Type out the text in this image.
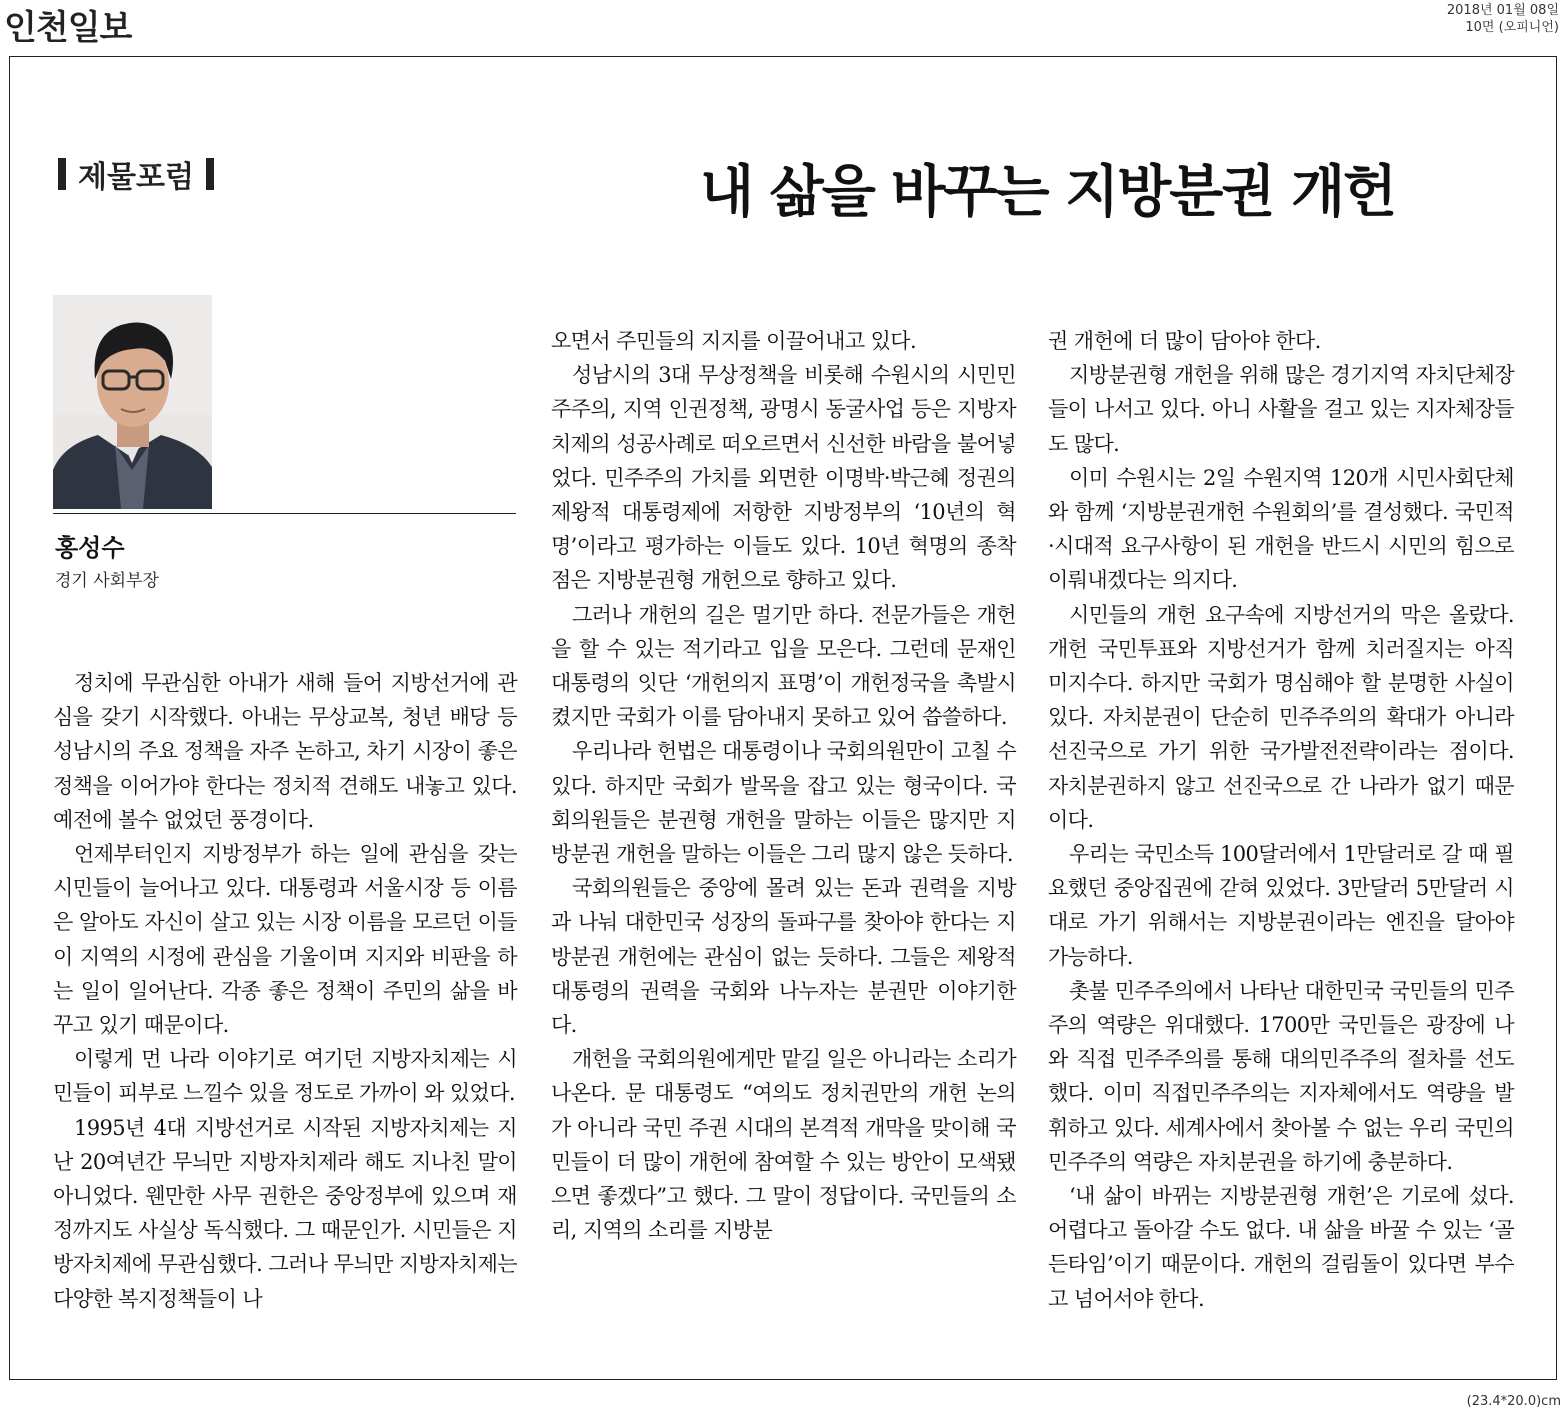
인천일보	2018년 01월 08일
10면 (오피니언)
제물포럼	내 삶을 바꾸는 지방분권 개헌
홍성수
경기 사회부장

정치에 무관심한 아내가 새해 들어 지방선거에 관심을 갖기 시작했다. 아내는 무상교복, 청년 배당 등 성남시의 주요 정책을 자주 논하고, 차기 시장이 좋은 정책을 이어가야 한다는 정치적 견해도 내놓고 있다. 예전에 볼수 없었던 풍경이다.

언제부터인지 지방정부가 하는 일에 관심을 갖는 시민들이 늘어나고 있다. 대통령과 서울시장 등 이름은 알아도 자신이 살고 있는 시장 이름을 모르던 이들이 지역의 시정에 관심을 기울이며 지지와 비판을 하는 일이 일어난다. 각종 좋은 정책이 주민의 삶을 바꾸고 있기 때문이다.

이렇게 먼 나라 이야기로 여기던 지방자치제는 시민들이 피부로 느낄수 있을 정도로 가까이 와 있었다.

1995년 4대 지방선거로 시작된 지방자치제는 지난 20여년간 무늬만 지방자치제라 해도 지나친 말이 아니었다. 웬만한 사무 권한은 중앙정부에 있으며 재정까지도 사실상 독식했다. 그 때문인가. 시민들은 지방자치제에 무관심했다. 그러나 무늬만 지방자치제는 다양한 복지정책들이 나

오면서 주민들의 지지를 이끌어내고 있다.

성남시의 3대 무상정책을 비롯해 수원시의 시민민주주의, 지역 인권정책, 광명시 동굴사업 등은 지방자치제의 성공사례로 떠오르면서 신선한 바람을 불어넣었다. 민주주의 가치를 외면한 이명박·박근혜 정권의 제왕적 대통령제에 저항한 지방정부의 ‘10년의 혁명’이라고 평가하는 이들도 있다. 10년 혁명의 종착점은 지방분권형 개헌으로 향하고 있다.

그러나 개헌의 길은 멀기만 하다. 전문가들은 개헌을 할 수 있는 적기라고 입을 모은다. 그런데 문재인 대통령의 잇단 ‘개헌의지 표명’이 개헌정국을 촉발시켰지만 국회가 이를 담아내지 못하고 있어 씁쓸하다.

우리나라 헌법은 대통령이나 국회의원만이 고칠 수 있다. 하지만 국회가 발목을 잡고 있는 형국이다. 국회의원들은 분권형 개헌을 말하는 이들은 많지만 지방분권 개헌을 말하는 이들은 그리 많지 않은 듯하다.

국회의원들은 중앙에 몰려 있는 돈과 권력을 지방과 나눠 대한민국 성장의 돌파구를 찾아야 한다는 지방분권 개헌에는 관심이 없는 듯하다. 그들은 제왕적 대통령의 권력을 국회와 나누자는 분권만 이야기한다.

개헌을 국회의원에게만 맡길 일은 아니라는 소리가 나온다. 문 대통령도 “여의도 정치권만의 개헌 논의가 아니라 국민 주권 시대의 본격적 개막을 맞이해 국민들이 더 많이 개헌에 참여할 수 있는 방안이 모색됐으면 좋겠다”고 했다. 그 말이 정답이다. 국민들의 소리, 지역의 소리를 지방분

권 개헌에 더 많이 담아야 한다.

지방분권형 개헌을 위해 많은 경기지역 자치단체장들이 나서고 있다. 아니 사활을 걸고 있는 지자체장들도 많다.

이미 수원시는 2일 수원지역 120개 시민사회단체와 함께 ‘지방분권개헌 수원회의’를 결성했다. 국민적·시대적 요구사항이 된 개헌을 반드시 시민의 힘으로 이뤄내겠다는 의지다.

시민들의 개헌 요구속에 지방선거의 막은 올랐다. 개헌 국민투표와 지방선거가 함께 치러질지는 아직 미지수다. 하지만 국회가 명심해야 할 분명한 사실이 있다. 자치분권이 단순히 민주주의의 확대가 아니라 선진국으로 가기 위한 국가발전전략이라는 점이다. 자치분권하지 않고 선진국으로 간 나라가 없기 때문이다.

우리는 국민소득 100달러에서 1만달러로 갈 때 필요했던 중앙집권에 갇혀 있었다. 3만달러 5만달러 시대로 가기 위해서는 지방분권이라는 엔진을 달아야 가능하다.

촛불 민주주의에서 나타난 대한민국 국민들의 민주주의 역량은 위대했다. 1700만 국민들은 광장에 나와 직접 민주주의를 통해 대의민주주의 절차를 선도했다. 이미 직접민주주의는 지자체에서도 역량을 발휘하고 있다. 세계사에서 찾아볼 수 없는 우리 국민의 민주주의 역량은 자치분권을 하기에 충분하다.

‘내 삶이 바뀌는 지방분권형 개헌’은 기로에 섰다. 어렵다고 돌아갈 수도 없다. 내 삶을 바꿀 수 있는 ‘골든타임’이기 때문이다. 개헌의 걸림돌이 있다면 부수고 넘어서야 한다.

(23.4*20.0)cm
